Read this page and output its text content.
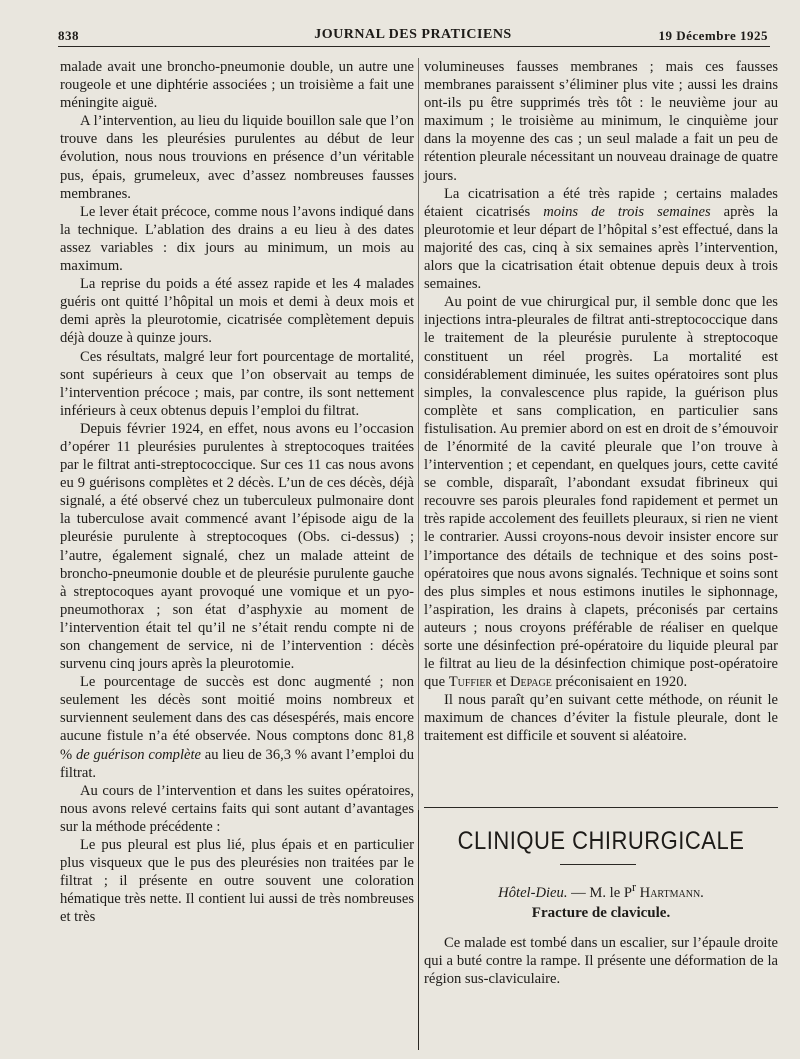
838	JOURNAL DES PRATICIENS	19 Décembre 1925

malade avait une broncho-pneumonie double, un autre une rougeole et une diphtérie associées ; un troisième a fait une méningite aiguë.

A l’intervention, au lieu du liquide bouillon sale que l’on trouve dans les pleurésies purulentes au début de leur évolution, nous nous trouvions en présence d’un véritable pus, épais, grumeleux, avec d’assez nombreuses fausses membranes.

Le lever était précoce, comme nous l’avons indiqué dans la technique. L’ablation des drains a eu lieu à des dates assez variables : dix jours au minimum, un mois au maximum.

La reprise du poids a été assez rapide et les 4 malades guéris ont quitté l’hôpital un mois et demi à deux mois et demi après la pleurotomie, cicatrisée complètement depuis déjà douze à quinze jours.

Ces résultats, malgré leur fort pourcentage de mortalité, sont supérieurs à ceux que l’on observait au temps de l’intervention précoce ; mais, par contre, ils sont nettement inférieurs à ceux obtenus depuis l’emploi du filtrat.

Depuis février 1924, en effet, nous avons eu l’occasion d’opérer 11 pleurésies purulentes à streptocoques traitées par le filtrat anti-streptococcique. Sur ces 11 cas nous avons eu 9 guérisons complètes et 2 décès. L’un de ces décès, déjà signalé, a été observé chez un tuberculeux pulmonaire dont la tuberculose avait commencé avant l’épisode aigu de la pleurésie purulente à streptocoques (Obs. ci-dessus) ; l’autre, également signalé, chez un malade atteint de broncho-pneumonie double et de pleurésie purulente gauche à streptocoques ayant provoqué une vomique et un pyo-pneumothorax ; son état d’asphyxie au moment de l’intervention était tel qu’il ne s’était rendu compte ni de son changement de service, ni de l’intervention : décès survenu cinq jours après la pleurotomie.

Le pourcentage de succès est donc augmenté ; non seulement les décès sont moitié moins nombreux et surviennent seulement dans des cas désespérés, mais encore aucune fistule n’a été observée. Nous comptons donc 81,8 % de guérison complète au lieu de 36,3 % avant l’emploi du filtrat.

Au cours de l’intervention et dans les suites opératoires, nous avons relevé certains faits qui sont autant d’avantages sur la méthode précédente :

Le pus pleural est plus lié, plus épais et en particulier plus visqueux que le pus des pleurésies non traitées par le filtrat ; il présente en outre souvent une coloration hématique très nette. Il contient lui aussi de très nombreuses et très

volumineuses fausses membranes ; mais ces fausses membranes paraissent s’éliminer plus vite ; aussi les drains ont-ils pu être supprimés très tôt : le neuvième jour au maximum ; le troisième au minimum, le cinquième jour dans la moyenne des cas ; un seul malade a fait un peu de rétention pleurale nécessitant un nouveau drainage de quatre jours.

La cicatrisation a été très rapide ; certains malades étaient cicatrisés moins de trois semaines après la pleurotomie et leur départ de l’hôpital s’est effectué, dans la majorité des cas, cinq à six semaines après l’intervention, alors que la cicatrisation était obtenue depuis deux à trois semaines.

Au point de vue chirurgical pur, il semble donc que les injections intra-pleurales de filtrat anti-streptococcique dans le traitement de la pleurésie purulente à streptocoque constituent un réel progrès. La mortalité est considérablement diminuée, les suites opératoires sont plus simples, la convalescence plus rapide, la guérison plus complète et sans complication, en particulier sans fistulisation. Au premier abord on est en droit de s’émouvoir de l’énormité de la cavité pleurale que l’on trouve à l’intervention ; et cependant, en quelques jours, cette cavité se comble, disparaît, l’abondant exsudat fibrineux qui recouvre ses parois pleurales fond rapidement et permet un très rapide accolement des feuillets pleuraux, si rien ne vient le contrarier. Aussi croyons-nous devoir insister encore sur l’importance des détails de technique et des soins post-opératoires que nous avons signalés. Technique et soins sont des plus simples et nous estimons inutiles le siphonnage, l’aspiration, les drains à clapets, préconisés par certains auteurs ; nous croyons préférable de réaliser en quelque sorte une désinfection pré-opératoire du liquide pleural par le filtrat au lieu de la désinfection chimique post-opératoire que Tuffier et Depage préconisaient en 1920.

Il nous paraît qu’en suivant cette méthode, on réunit le maximum de chances d’éviter la fistule pleurale, dont le traitement est difficile et souvent si aléatoire.

CLINIQUE CHIRURGICALE
Hôtel-Dieu. — M. le $P^r$ Hartmann.
Fracture de clavicule.

Ce malade est tombé dans un escalier, sur l’épaule droite qui a buté contre la rampe. Il présente une déformation de la région sus-claviculaire.
